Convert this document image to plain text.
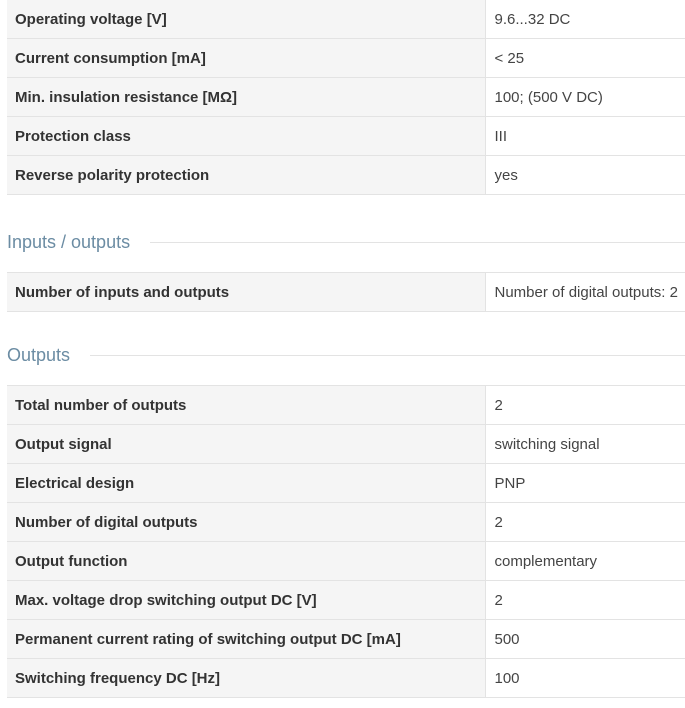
Operating voltage [V]	9.6...32 DC
Current consumption [mA]	< 25
Min. insulation resistance [MΩ]	100; (500 V DC)
Protection class	III
Reverse polarity protection	yes
Inputs / outputs
Number of inputs and outputs	Number of digital outputs: 2
Outputs
Total number of outputs	2
Output signal	switching signal
Electrical design	PNP
Number of digital outputs	2
Output function	complementary
Max. voltage drop switching output DC [V]	2
Permanent current rating of switching output DC [mA]	500
Switching frequency DC [Hz]	100
